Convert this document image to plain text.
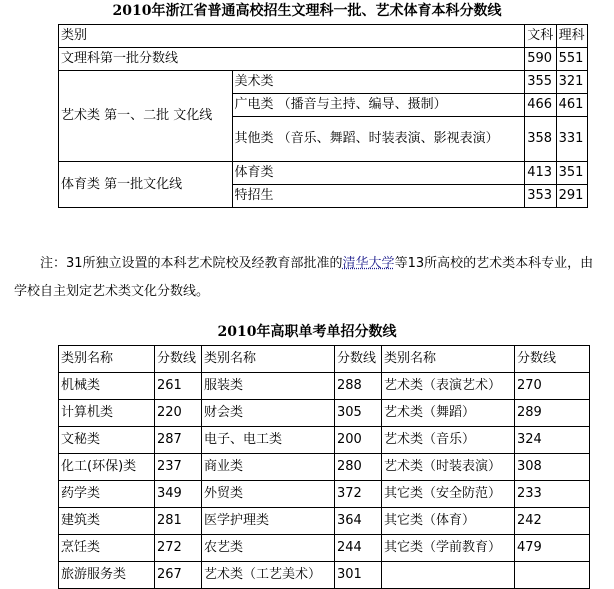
2010年浙江省普通高校招生文理科一批、艺术体育本科分数线
类别		文科	理科
文理科第一批分数线		590	551
艺术类 第一、二批 文化线	美术类	355	321
	广电类 （播音与主持、编导、摄制）	466	461
	其他类 （音乐、舞蹈、时装表演、影视表演）	358	331
体育类 第一批文化线	体育类	413	351
	特招生	353	291

注：31所独立设置的本科艺术院校及经教育部批准的清华大学等13所高校的艺术类本科专业，由学校自主划定艺术类文化分数线。

2010年高职单考单招分数线
类别名称	分数线	类别名称	分数线	类别名称	分数线
机械类	261	服装类	288	艺术类（表演艺术）	270
计算机类	220	财会类	305	艺术类（舞蹈）	289
文秘类	287	电子、电工类	200	艺术类（音乐）	324
化工(环保)类	237	商业类	280	艺术类（时装表演）	308
药学类	349	外贸类	372	其它类（安全防范）	233
建筑类	281	医学护理类	364	其它类（体育）	242
烹饪类	272	农艺类	244	其它类（学前教育）	479
旅游服务类	267	艺术类（工艺美术）	301		
